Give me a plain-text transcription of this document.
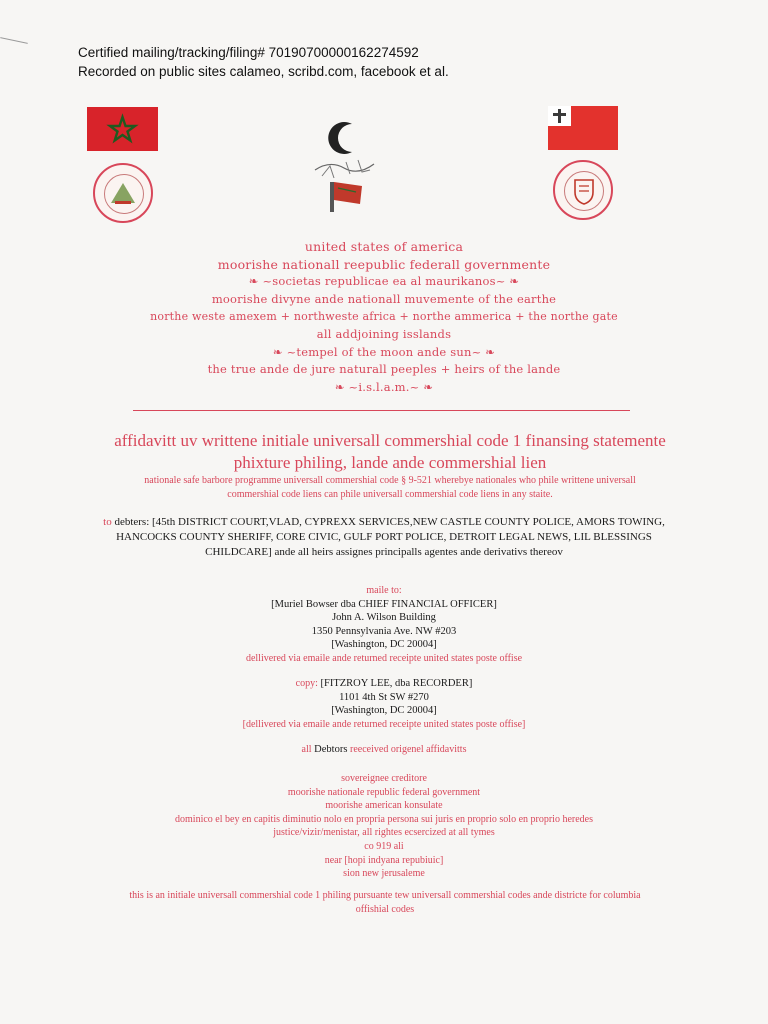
Certified mailing/tracking/filing# 70190700000162274592
Recorded on public sites calameo, scribd.com, facebook et al.
united states of america
moorishe nationall reepublic federall governmente
❧ ~societas republicae ea al maurikanos~ ❧
moorishe divyne ande nationall muvemente of the earthe
northe weste amexem + northweste africa + northe ammerica + the northe gate
all addjoining isslands
❧ ~tempel of the moon ande sun~ ❧
the true ande de jure naturall peeples + heirs of the lande
❧ ~i.s.l.a.m.~ ❧
affidavitt uv writtene initiale universall commershial code 1 finansing statemente
phixture philing, lande ande commershial lien
nationale safe barbore programme universall commershial code § 9-521 wherebye nationales who phile writtene universall
commershial code liens can phile universall commershial code liens in any staite.
to debters: [45th DISTRICT COURT,VLAD, CYPREXX SERVICES,NEW CASTLE COUNTY POLICE, AMORS TOWING,
HANCOCKS COUNTY SHERIFF, CORE CIVIC, GULF PORT POLICE, DETROIT LEGAL NEWS, LIL BLESSINGS
CHILDCARE] ande all heirs assignes principalls agentes ande derivativs thereov
maile to:
[Muriel Bowser dba CHIEF FINANCIAL OFFICER]
John A. Wilson Building
1350 Pennsylvania Ave. NW #203
[Washington, DC 20004]
dellivered via emaile ande returned receipte united states poste offise
copy: [FITZROY LEE, dba RECORDER]
1101 4th St SW #270
[Washington, DC 20004]
[dellivered via emaile ande returned receipte united states poste offise]
all Debtors reeceived origenel affidavitts
sovereignee creditore
moorishe nationale republic federal government
moorishe american konsulate
dominico el bey en capitis diminutio nolo en propria persona sui juris en proprio solo en proprio heredes
justice/vizir/menistar, all rightes ecsercized at all tymes
co 919 ali
near [hopi indyana repubiuic]
sion new jerusaleme
this is an initiale universall commershial code 1 philing pursuante tew universall commershial codes ande districte for columbia
offishial codes
